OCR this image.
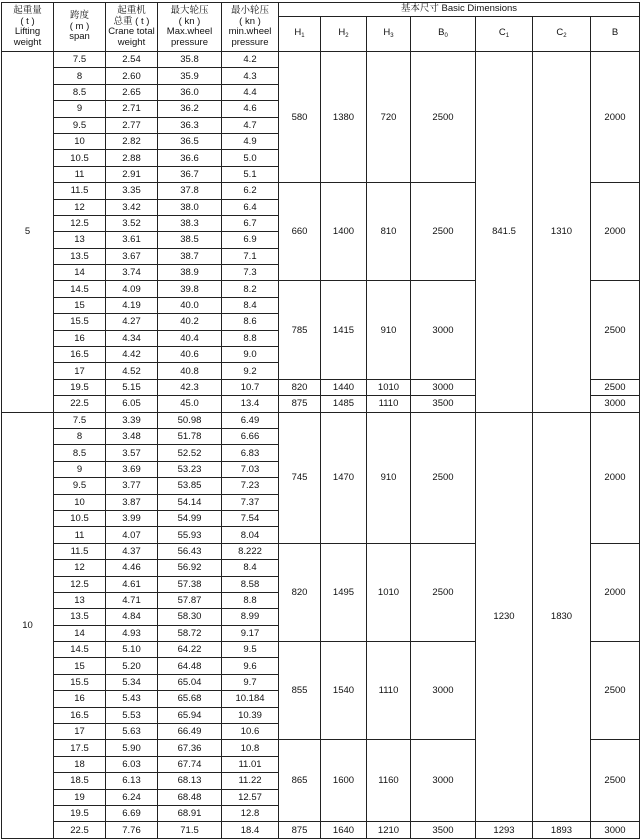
起重量
( t )
Lifting
weight	跨度
( m )
span	起重机
总重 ( t )
Crane total
weight	最大轮压
( kn )
Max.wheel
pressure	最小轮压
( kn )
min.wheel
pressure	基本尺寸 Basic Dimensions						
					$H_1$	$H_2$	$H_3$	$B_0$	$C_1$	$C_2$	B
5	7.5	2.54	35.8	4.2	580	1380	720	2500	841.5	1310	2000
	8	2.60	35.9	4.3							
	8.5	2.65	36.0	4.4							
	9	2.71	36.2	4.6							
	9.5	2.77	36.3	4.7							
	10	2.82	36.5	4.9							
	10.5	2.88	36.6	5.0							
	11	2.91	36.7	5.1							
	11.5	3.35	37.8	6.2	660	1400	810	2500			2000
	12	3.42	38.0	6.4							
	12.5	3.52	38.3	6.7							
	13	3.61	38.5	6.9							
	13.5	3.67	38.7	7.1							
	14	3.74	38.9	7.3							
	14.5	4.09	39.8	8.2	785	1415	910	3000			2500
	15	4.19	40.0	8.4							
	15.5	4.27	40.2	8.6							
	16	4.34	40.4	8.8							
	16.5	4.42	40.6	9.0							
	17	4.52	40.8	9.2							
	19.5	5.15	42.3	10.7	820	1440	1010	3000			2500
	22.5	6.05	45.0	13.4	875	1485	1110	3500			3000
10	7.5	3.39	50.98	6.49	745	1470	910	2500	1230	1830	2000
	8	3.48	51.78	6.66							
	8.5	3.57	52.52	6.83							
	9	3.69	53.23	7.03							
	9.5	3.77	53.85	7.23							
	10	3.87	54.14	7.37							
	10.5	3.99	54.99	7.54							
	11	4.07	55.93	8.04							
	11.5	4.37	56.43	8.222	820	1495	1010	2500			2000
	12	4.46	56.92	8.4							
	12.5	4.61	57.38	8.58							
	13	4.71	57.87	8.8							
	13.5	4.84	58.30	8.99							
	14	4.93	58.72	9.17							
	14.5	5.10	64.22	9.5	855	1540	1110	3000			2500
	15	5.20	64.48	9.6							
	15.5	5.34	65.04	9.7							
	16	5.43	65.68	10.184							
	16.5	5.53	65.94	10.39							
	17	5.63	66.49	10.6							
	17.5	5.90	67.36	10.8	865	1600	1160	3000			2500
	18	6.03	67.74	11.01							
	18.5	6.13	68.13	11.22							
	19	6.24	68.48	12.57							
	19.5	6.69	68.91	12.8							
	22.5	7.76	71.5	18.4	875	1640	1210	3500	1293	1893	3000
